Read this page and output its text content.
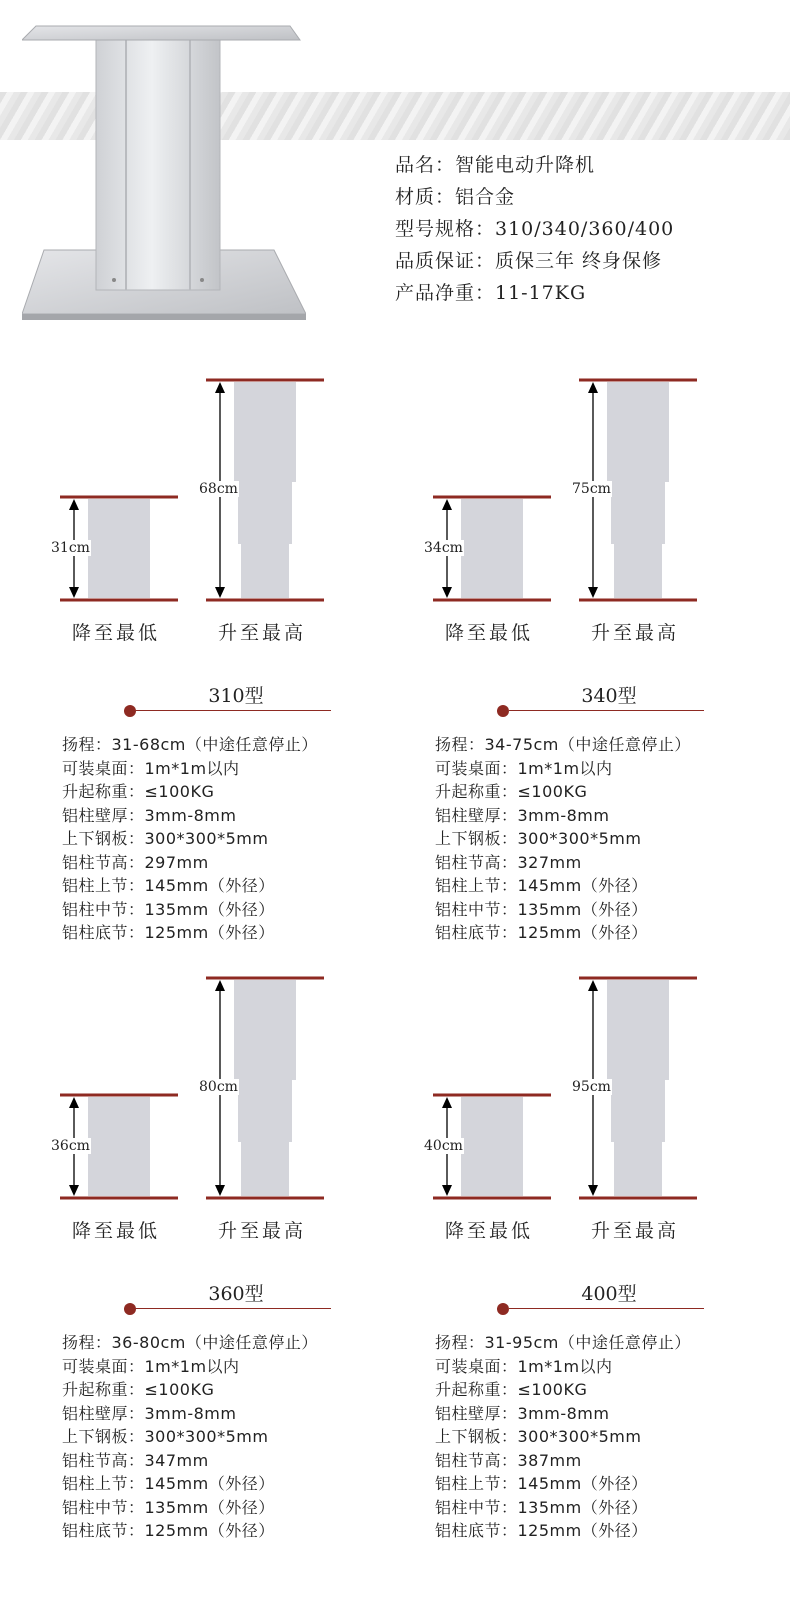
品名：智能电动升降机
材质：铝合金
型号规格：310/340/360/400
品质保证：质保三年 终身保修
产品净重：11-17KG
31cm
68cm
降至最低	升至最高
310型
扬程：31-68cm（中途任意停止）
可装桌面：1m*1m以内
升起称重：≤100KG
铝柱壁厚：3mm-8mm
上下钢板：300*300*5mm
铝柱节高：297mm
铝柱上节：145mm（外径）
铝柱中节：135mm（外径）
铝柱底节：125mm（外径）
34cm
75cm
降至最低	升至最高
340型
扬程：34-75cm（中途任意停止）
可装桌面：1m*1m以内
升起称重：≤100KG
铝柱壁厚：3mm-8mm
上下钢板：300*300*5mm
铝柱节高：327mm
铝柱上节：145mm（外径）
铝柱中节：135mm（外径）
铝柱底节：125mm（外径）
36cm
80cm
降至最低	升至最高
360型
扬程：36-80cm（中途任意停止）
可装桌面：1m*1m以内
升起称重：≤100KG
铝柱壁厚：3mm-8mm
上下钢板：300*300*5mm
铝柱节高：347mm
铝柱上节：145mm（外径）
铝柱中节：135mm（外径）
铝柱底节：125mm（外径）
40cm
95cm
降至最低	升至最高
400型
扬程：31-95cm（中途任意停止）
可装桌面：1m*1m以内
升起称重：≤100KG
铝柱壁厚：3mm-8mm
上下钢板：300*300*5mm
铝柱节高：387mm
铝柱上节：145mm（外径）
铝柱中节：135mm（外径）
铝柱底节：125mm（外径）
